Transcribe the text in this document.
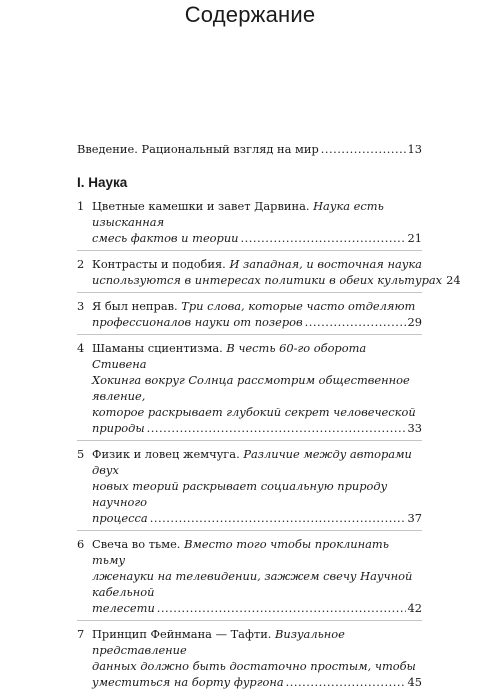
Содержание
Введение. Рациональный взгляд на мир .....	13
I. Наука
1 Цветные камешки и завет Дарвина. Наука есть изысканная
смесь фактов и теории .....	21
2 Контрасты и подобия. И западная, и восточная наука
используются в интересах политики в обеих культурах 24
3 Я был неправ. Три слова, которые часто отделяют
профессионалов науки от позеров .....	29
4 Шаманы сциентизма. В честь 60-го оборота Стивена
Хокинга вокруг Солнца рассмотрим общественное явление,
которое раскрывает глубокий секрет человеческой
природы .....	33
5 Физик и ловец жемчуга. Различие между авторами двух
новых теорий раскрывает социальную природу научного
процесса .....	37
6 Свеча во тьме. Вместо того чтобы проклинать тьму
лженауки на телевидении, зажжем свечу Научной кабельной
телесети .....	42
7 Принцип Фейнмана — Тафти. Визуальное представление
данных должно быть достаточно простым, чтобы
уместиться на борту фургона .....	45
